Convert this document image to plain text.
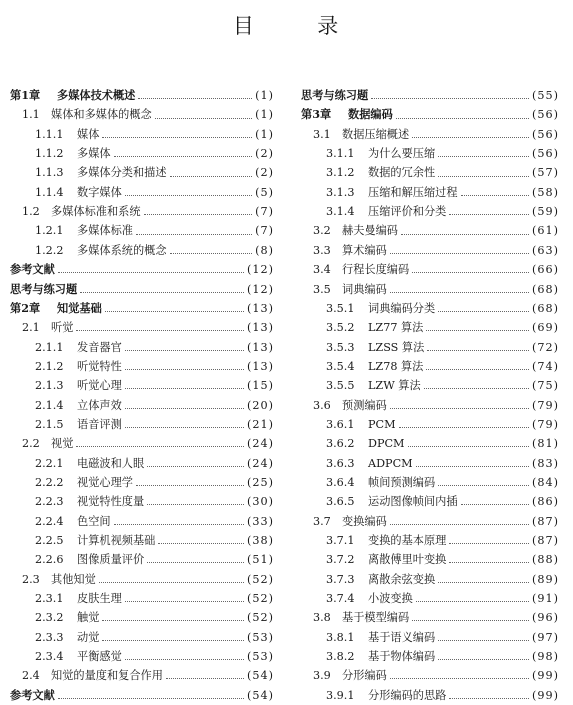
目	录
第1章	多媒体技术概述	(1)
1.1	媒体和多媒体的概念	(1)
1.1.1	媒体	(1)
1.1.2	多媒体	(2)
1.1.3	多媒体分类和描述	(2)
1.1.4	数字媒体	(5)
1.2	多媒体标准和系统	(7)
1.2.1	多媒体标准	(7)
1.2.2	多媒体系统的概念	(8)
参考文献	(12)
思考与练习题	(12)
第2章	知觉基础	(13)
2.1	听觉	(13)
2.1.1	发音器官	(13)
2.1.2	听觉特性	(13)
2.1.3	听觉心理	(15)
2.1.4	立体声效	(20)
2.1.5	语音评测	(21)
2.2	视觉	(24)
2.2.1	电磁波和人眼	(24)
2.2.2	视觉心理学	(25)
2.2.3	视觉特性度量	(30)
2.2.4	色空间	(33)
2.2.5	计算机视频基础	(38)
2.2.6	图像质量评价	(51)
2.3	其他知觉	(52)
2.3.1	皮肤生理	(52)
2.3.2	触觉	(52)
2.3.3	动觉	(53)
2.3.4	平衡感觉	(53)
2.4	知觉的量度和复合作用	(54)
参考文献	(54)
思考与练习题	(55)
第3章	数据编码	(56)
3.1	数据压缩概述	(56)
3.1.1	为什么要压缩	(56)
3.1.2	数据的冗余性	(57)
3.1.3	压缩和解压缩过程	(58)
3.1.4	压缩评价和分类	(59)
3.2	赫夫曼编码	(61)
3.3	算术编码	(63)
3.4	行程长度编码	(66)
3.5	词典编码	(68)
3.5.1	词典编码分类	(68)
3.5.2	LZ77 算法	(69)
3.5.3	LZSS 算法	(72)
3.5.4	LZ78 算法	(74)
3.5.5	LZW 算法	(75)
3.6	预测编码	(79)
3.6.1	PCM	(79)
3.6.2	DPCM	(81)
3.6.3	ADPCM	(83)
3.6.4	帧间预测编码	(84)
3.6.5	运动图像帧间内插	(86)
3.7	变换编码	(87)
3.7.1	变换的基本原理	(87)
3.7.2	离散傅里叶变换	(88)
3.7.3	离散余弦变换	(89)
3.7.4	小波变换	(91)
3.8	基于模型编码	(96)
3.8.1	基于语义编码	(97)
3.8.2	基于物体编码	(98)
3.9	分形编码	(99)
3.9.1	分形编码的思路	(99)
